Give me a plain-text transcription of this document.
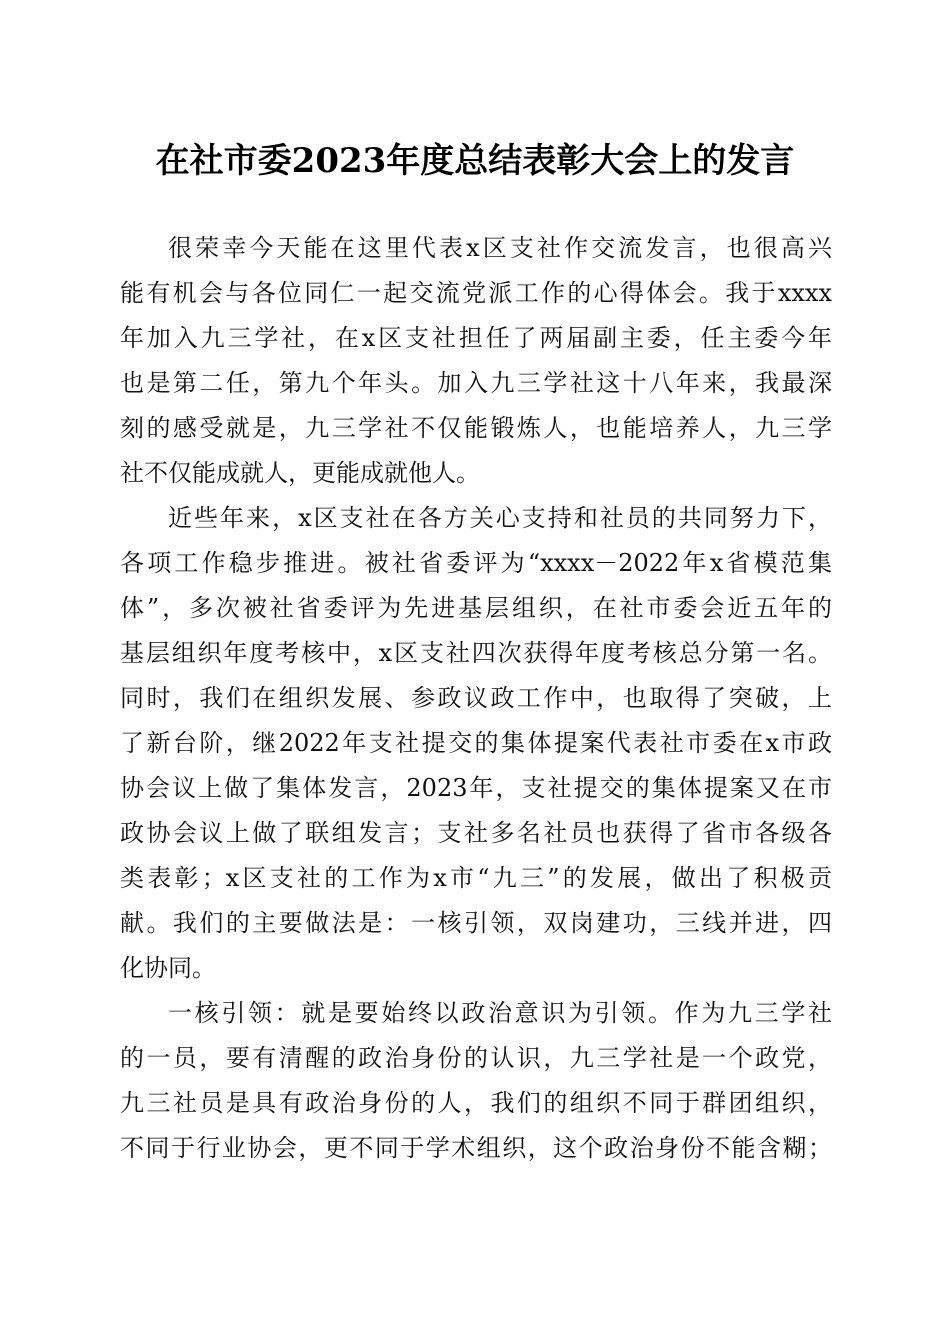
在社市委2023年度总结表彰大会上的发言
很荣幸今天能在这里代表x区支社作交流发言，也很高兴
能有机会与各位同仁一起交流党派工作的心得体会。我于xxxx
年加入九三学社，在x区支社担任了两届副主委，任主委今年
也是第二任，第九个年头。加入九三学社这十八年来，我最深
刻的感受就是，九三学社不仅能锻炼人，也能培养人，九三学
社不仅能成就人，更能成就他人。
近些年来，x区支社在各方关心支持和社员的共同努力下，
各项工作稳步推进。被社省委评为“xxxx－2022年x省模范集
体”，多次被社省委评为先进基层组织，在社市委会近五年的
基层组织年度考核中，x区支社四次获得年度考核总分第一名。
同时，我们在组织发展、参政议政工作中，也取得了突破，上
了新台阶，继2022年支社提交的集体提案代表社市委在x市政
协会议上做了集体发言，2023年，支社提交的集体提案又在市
政协会议上做了联组发言；支社多名社员也获得了省市各级各
类表彰；x区支社的工作为x市“九三”的发展，做出了积极贡
献。我们的主要做法是：一核引领，双岗建功，三线并进，四
化协同。
一核引领：就是要始终以政治意识为引领。作为九三学社
的一员，要有清醒的政治身份的认识，九三学社是一个政党，
九三社员是具有政治身份的人，我们的组织不同于群团组织，
不同于行业协会，更不同于学术组织，这个政治身份不能含糊；
